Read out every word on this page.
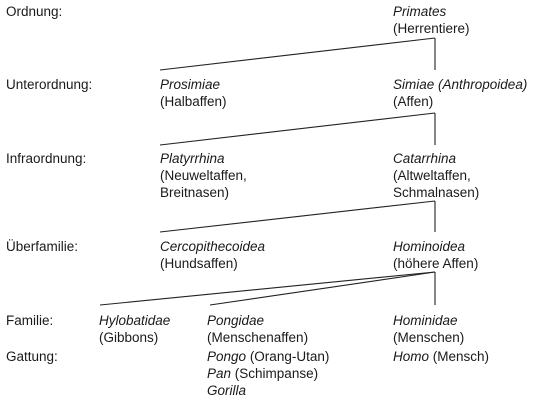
Ordnung:
Unterordnung:
Infraordnung:
Überfamilie:
Familie:
Gattung:
Primates
(Herrentiere)
Prosimiae
(Halbaffen)
Simiae (Anthropoidea)
(Affen)
Platyrrhina
(Neuweltaffen,
Breitnasen)
Catarrhina
(Altweltaffen,
Schmalnasen)
Cercopithecoidea
(Hundsaffen)
Hominoidea
(höhere Affen)
Hylobatidae
(Gibbons)
Pongidae
(Menschenaffen)
Hominidae
(Menschen)
Pongo (Orang-Utan)
Pan (Schimpanse)
Gorilla
Homo (Mensch)
